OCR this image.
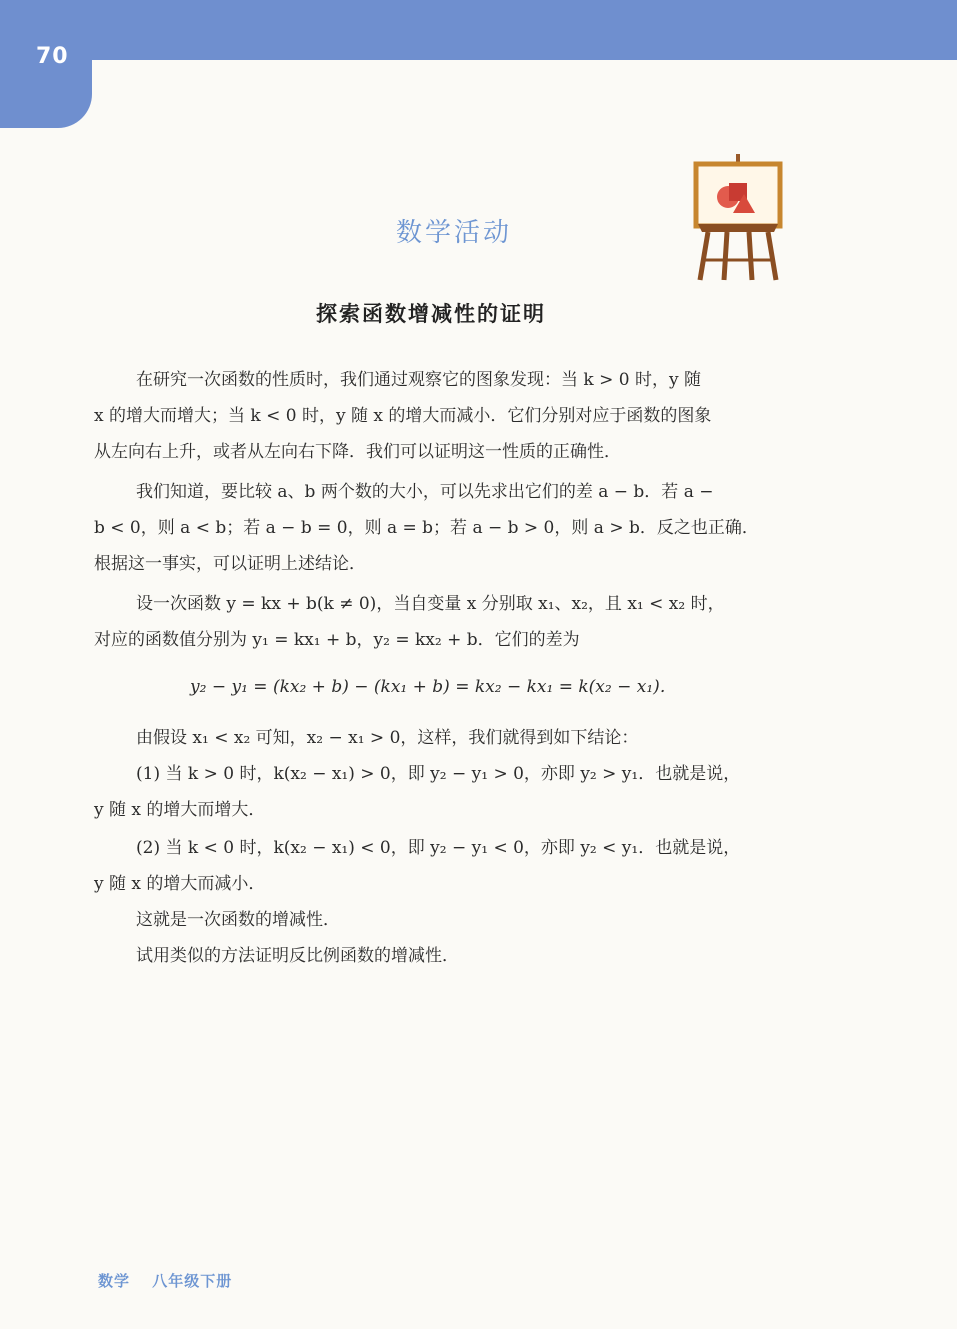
70
数学活动
探索函数增减性的证明
在研究一次函数的性质时，我们通过观察它的图象发现：当 k > 0 时，y 随
x 的增大而增大；当 k < 0 时，y 随 x 的增大而减小．它们分别对应于函数的图象
从左向右上升，或者从左向右下降．我们可以证明这一性质的正确性．
我们知道，要比较 a、b 两个数的大小，可以先求出它们的差 a − b．若 a −
b < 0，则 a < b；若 a − b = 0，则 a = b；若 a − b > 0，则 a > b．反之也正确．
根据这一事实，可以证明上述结论．
设一次函数 y = kx + b(k ≠ 0)，当自变量 x 分别取 x₁、x₂，且 x₁ < x₂ 时，
对应的函数值分别为 y₁ = kx₁ + b，y₂ = kx₂ + b．它们的差为
y₂ − y₁ = (kx₂ + b) − (kx₁ + b) = kx₂ − kx₁ = k(x₂ − x₁)．
由假设 x₁ < x₂ 可知，x₂ − x₁ > 0，这样，我们就得到如下结论：
(1) 当 k > 0 时，k(x₂ − x₁) > 0，即 y₂ − y₁ > 0，亦即 y₂ > y₁．也就是说，
y 随 x 的增大而增大．
(2) 当 k < 0 时，k(x₂ − x₁) < 0，即 y₂ − y₁ < 0，亦即 y₂ < y₁．也就是说，
y 随 x 的增大而减小．
这就是一次函数的增减性．
试用类似的方法证明反比例函数的增减性．
数学 八年级下册
